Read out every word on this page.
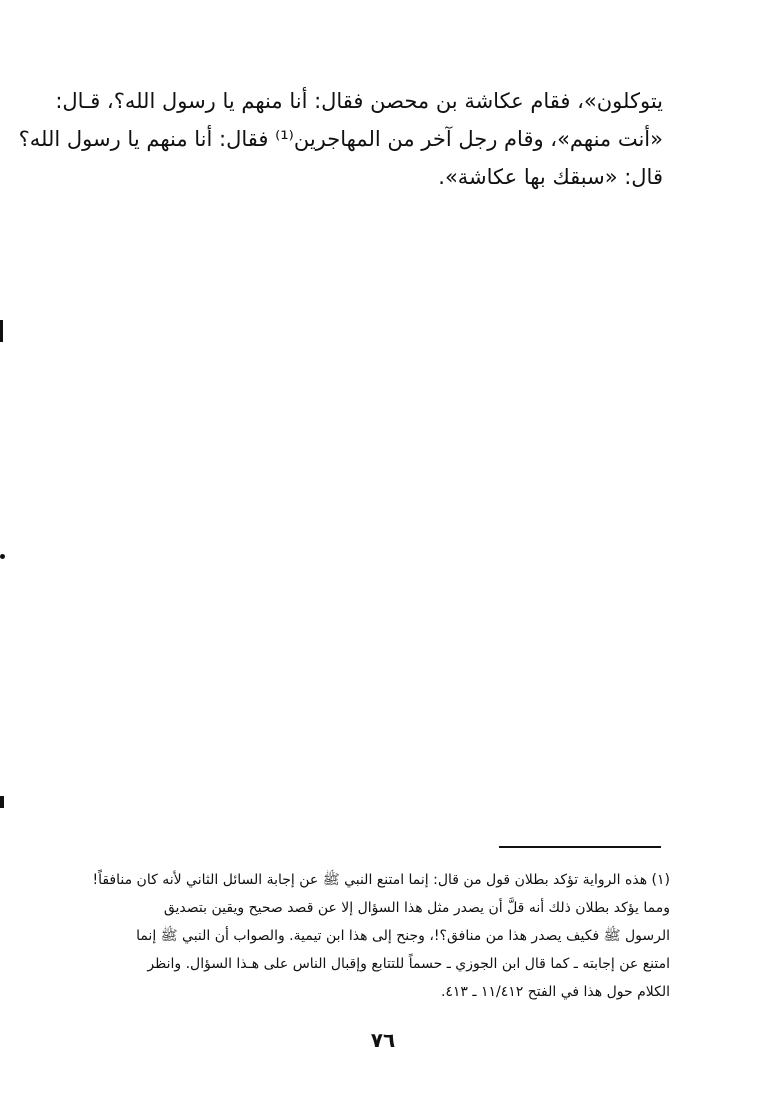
يتوكلون»، فقام عكاشة بن محصن فقال: أنا منهم يا رسول الله؟، قـال:

«أنت منهم»، وقام رجل آخر من المهاجرين⁽¹⁾ فقال: أنا منهم يا رسول الله؟

قال: «سبقك بها عكاشة».

(١) هذه الرواية تؤكد بطلان قول من قال: إنما امتنع النبي ﷺ عن إجابة السائل الثاني لأنه كان منافقاً!

ومما يؤكد بطلان ذلك أنه قلَّ أن يصدر مثل هذا السؤال إلا عن قصد صحيح ويقين بتصديق

الرسول ﷺ فكيف يصدر هذا من منافق؟!، وجنح إلى هذا ابن تيمية. والصواب أن النبي ﷺ إنما

امتنع عن إجابته ـ كما قال ابن الجوزي ـ حسماً للتتابع وإقبال الناس على هـذا السؤال. وانظر

الكلام حول هذا في الفتح ١١/٤١٢ ـ ٤١٣.

٧٦
